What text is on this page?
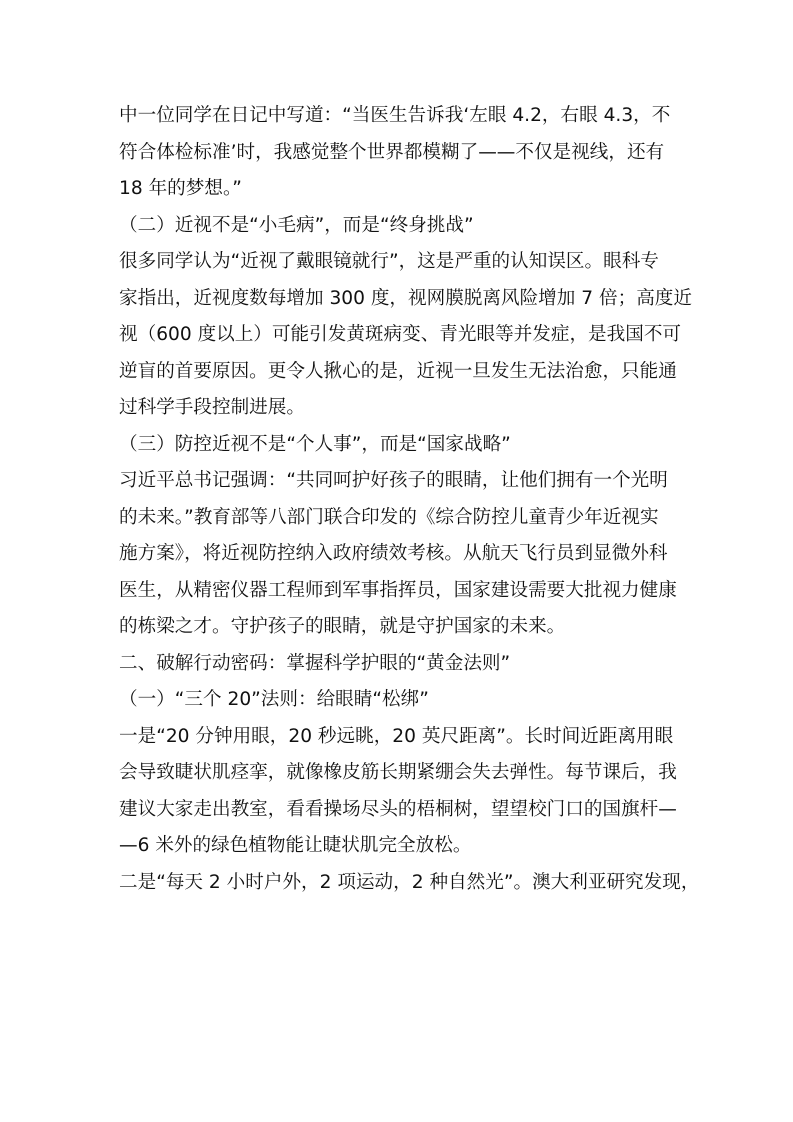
中一位同学在日记中写道：“当医生告诉我‘左眼 4.2，右眼 4.3，不
符合体检标准’时，我感觉整个世界都模糊了——不仅是视线，还有
18 年的梦想。”
（二）近视不是“小毛病”，而是“终身挑战”
很多同学认为“近视了戴眼镜就行”，这是严重的认知误区。眼科专
家指出，近视度数每增加 300 度，视网膜脱离风险增加 7 倍；高度近
视（600 度以上）可能引发黄斑病变、青光眼等并发症，是我国不可
逆盲的首要原因。更令人揪心的是，近视一旦发生无法治愈，只能通
过科学手段控制进展。
（三）防控近视不是“个人事”，而是“国家战略”
习近平总书记强调：“共同呵护好孩子的眼睛，让他们拥有一个光明
的未来。”教育部等八部门联合印发的《综合防控儿童青少年近视实
施方案》，将近视防控纳入政府绩效考核。从航天飞行员到显微外科
医生，从精密仪器工程师到军事指挥员，国家建设需要大批视力健康
的栋梁之才。守护孩子的眼睛，就是守护国家的未来。
二、破解行动密码：掌握科学护眼的“黄金法则”
（一）“三个 20”法则：给眼睛“松绑”
一是“20 分钟用眼，20 秒远眺，20 英尺距离”。长时间近距离用眼
会导致睫状肌痉挛，就像橡皮筋长期紧绷会失去弹性。每节课后，我
建议大家走出教室，看看操场尽头的梧桐树，望望校门口的国旗杆—
—6 米外的绿色植物能让睫状肌完全放松。
二是“每天 2 小时户外，2 项运动，2 种自然光”。澳大利亚研究发现，
